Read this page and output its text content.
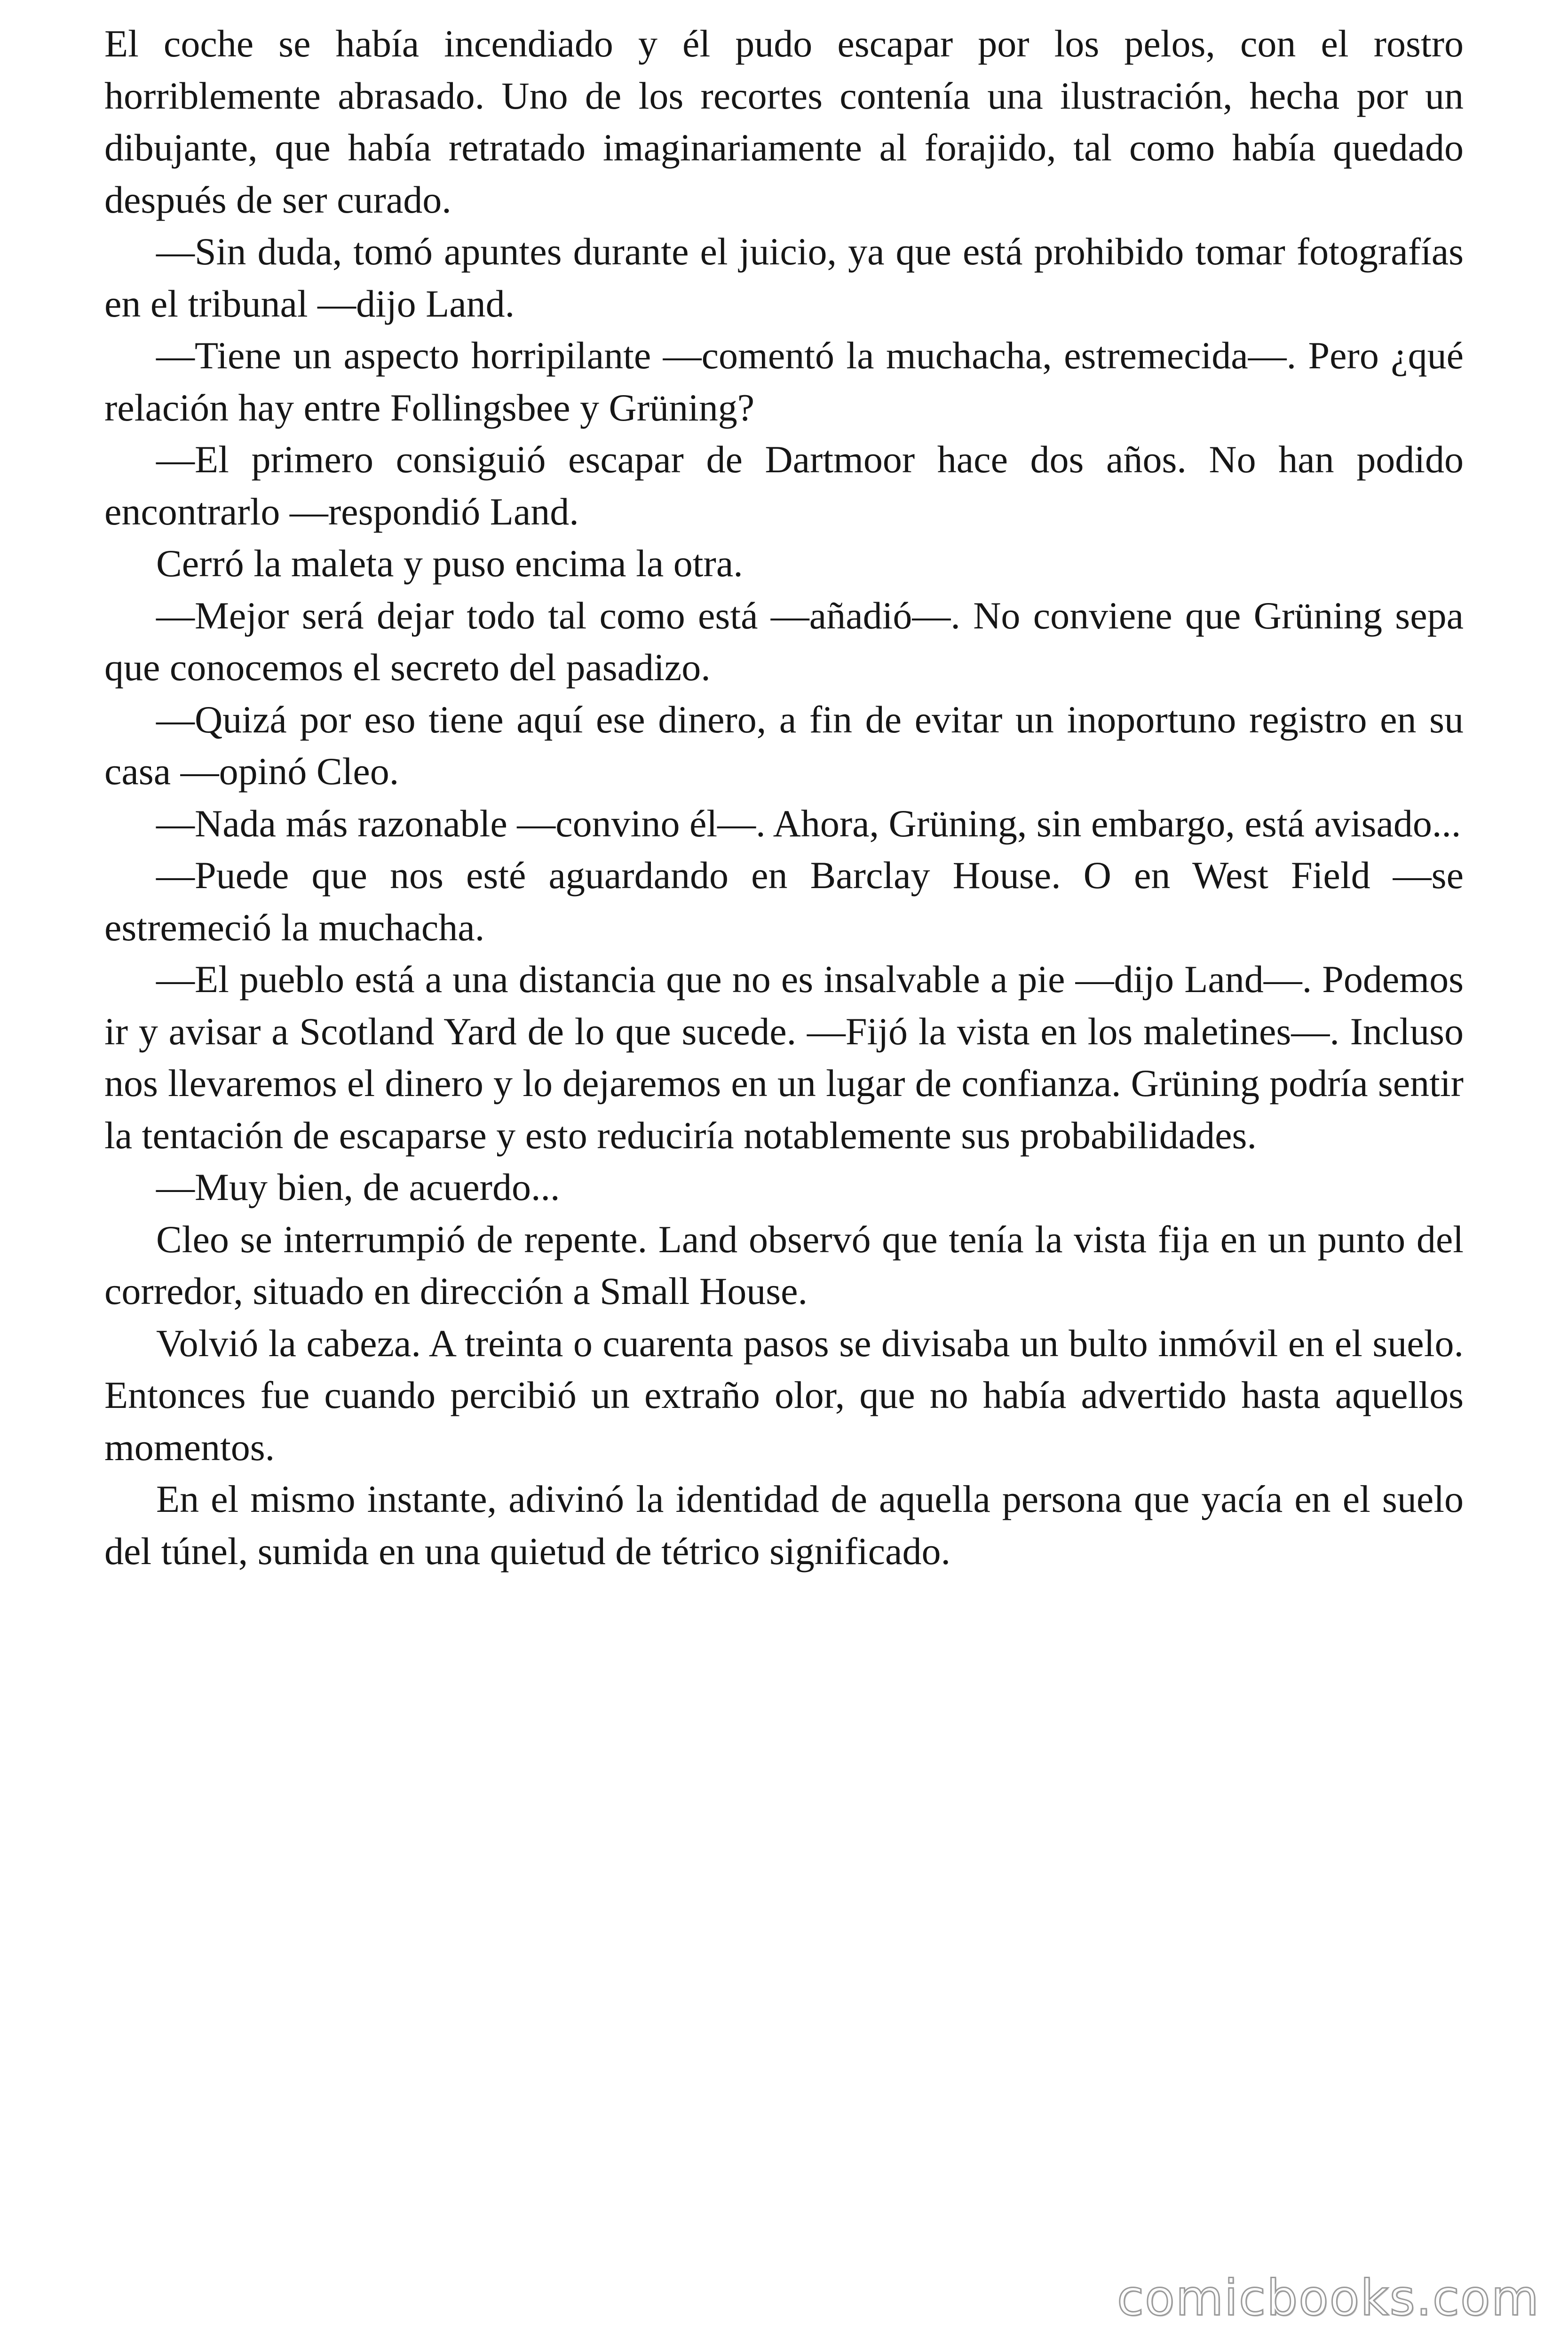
El coche se había incendiado y él pudo escapar por los pelos, con el rostro horriblemente abrasado. Uno de los recortes contenía una ilustración, hecha por un dibujante, que había retratado imaginariamente al forajido, tal como había quedado después de ser curado.

—Sin duda, tomó apuntes durante el juicio, ya que está prohibido tomar fotografías en el tribunal —dijo Land.

—Tiene un aspecto horripilante —comentó la muchacha, estremecida—. Pero ¿qué relación hay entre Follingsbee y Grüning?

—El primero consiguió escapar de Dartmoor hace dos años. No han podido encontrarlo —respondió Land.

Cerró la maleta y puso encima la otra.

—Mejor será dejar todo tal como está —añadió—. No conviene que Grüning sepa que conocemos el secreto del pasadizo.

—Quizá por eso tiene aquí ese dinero, a fin de evitar un inoportuno registro en su casa —opinó Cleo.

—Nada más razonable —convino él—. Ahora, Grüning, sin embargo, está avisado...

—Puede que nos esté aguardando en Barclay House. O en West Field —se estremeció la muchacha.

—El pueblo está a una distancia que no es insalvable a pie —dijo Land—. Podemos ir y avisar a Scotland Yard de lo que sucede. —Fijó la vista en los maletines—. Incluso nos llevaremos el dinero y lo dejaremos en un lugar de confianza. Grüning podría sentir la tentación de escaparse y esto reduciría notablemente sus probabilidades.

—Muy bien, de acuerdo...

Cleo se interrumpió de repente. Land observó que tenía la vista fija en un punto del corredor, situado en dirección a Small House.

Volvió la cabeza. A treinta o cuarenta pasos se divisaba un bulto inmóvil en el suelo. Entonces fue cuando percibió un extraño olor, que no había advertido hasta aquellos momentos.

En el mismo instante, adivinó la identidad de aquella persona que yacía en el suelo del túnel, sumida en una quietud de tétrico significado.

comicbooks.com
